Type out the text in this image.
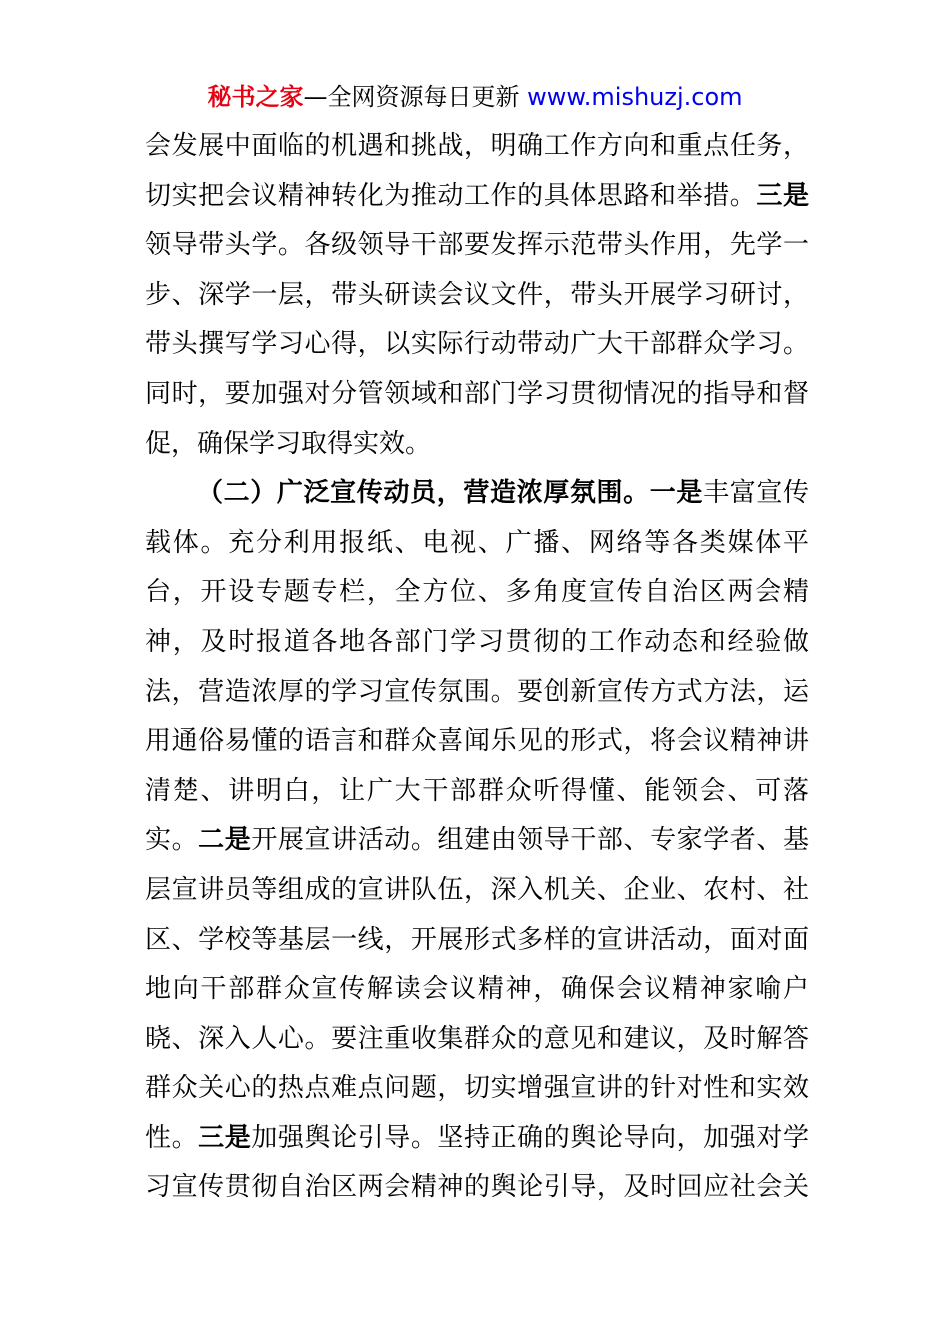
秘书之家—全网资源每日更新 www.mishuzj.com
会发展中面临的机遇和挑战，明确工作方向和重点任务，
切实把会议精神转化为推动工作的具体思路和举措。三是
领导带头学。各级领导干部要发挥示范带头作用，先学一
步、深学一层，带头研读会议文件，带头开展学习研讨，
带头撰写学习心得，以实际行动带动广大干部群众学习。
同时，要加强对分管领域和部门学习贯彻情况的指导和督
促，确保学习取得实效。
（二）广泛宣传动员，营造浓厚氛围。一是丰富宣传
载体。充分利用报纸、电视、广播、网络等各类媒体平
台，开设专题专栏，全方位、多角度宣传自治区两会精
神，及时报道各地各部门学习贯彻的工作动态和经验做
法，营造浓厚的学习宣传氛围。要创新宣传方式方法，运
用通俗易懂的语言和群众喜闻乐见的形式，将会议精神讲
清楚、讲明白，让广大干部群众听得懂、能领会、可落
实。二是开展宣讲活动。组建由领导干部、专家学者、基
层宣讲员等组成的宣讲队伍，深入机关、企业、农村、社
区、学校等基层一线，开展形式多样的宣讲活动，面对面
地向干部群众宣传解读会议精神，确保会议精神家喻户
晓、深入人心。要注重收集群众的意见和建议，及时解答
群众关心的热点难点问题，切实增强宣讲的针对性和实效
性。三是加强舆论引导。坚持正确的舆论导向，加强对学
习宣传贯彻自治区两会精神的舆论引导，及时回应社会关
